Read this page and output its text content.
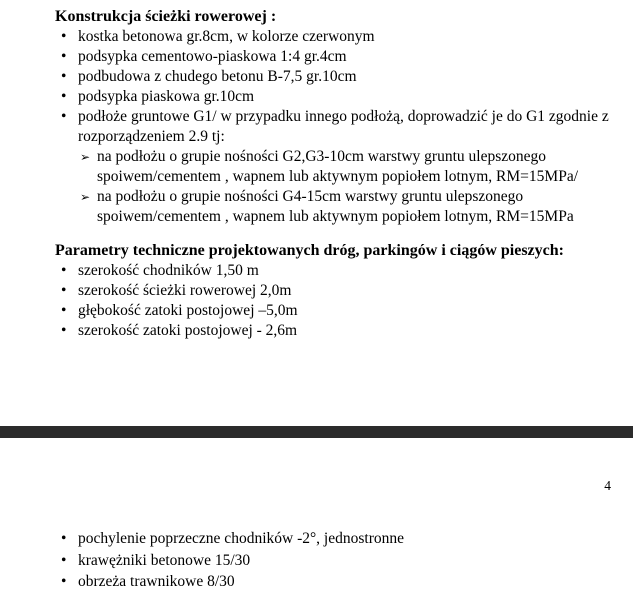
Konstrukcja ścieżki rowerowej :
• kostka betonowa gr.8cm, w kolorze czerwonym
• podsypka cementowo-piaskowa 1:4 gr.4cm
• podbudowa z chudego betonu B-7,5 gr.10cm
• podsypka piaskowa gr.10cm
• podłoże gruntowe G1/ w przypadku innego podłożą, doprowadzić je do G1 zgodnie z rozporządzeniem 2.9 tj:
➢ na podłożu o grupie nośności G2,G3-10cm warstwy gruntu ulepszonego spoiwem/cementem , wapnem lub aktywnym popiołem lotnym, RM=15MPa/
➢ na podłożu o grupie nośności G4-15cm warstwy gruntu ulepszonego spoiwem/cementem , wapnem lub aktywnym popiołem lotnym, RM=15MPa
Parametry techniczne projektowanych dróg, parkingów i ciągów pieszych:
• szerokość chodników 1,50 m
• szerokość ścieżki rowerowej 2,0m
• głębokość zatoki postojowej –5,0m
• szerokość zatoki postojowej - 2,6m
4
• pochylenie poprzeczne chodników -2°, jednostronne
• krawężniki betonowe 15/30
• obrzeża trawnikowe 8/30
